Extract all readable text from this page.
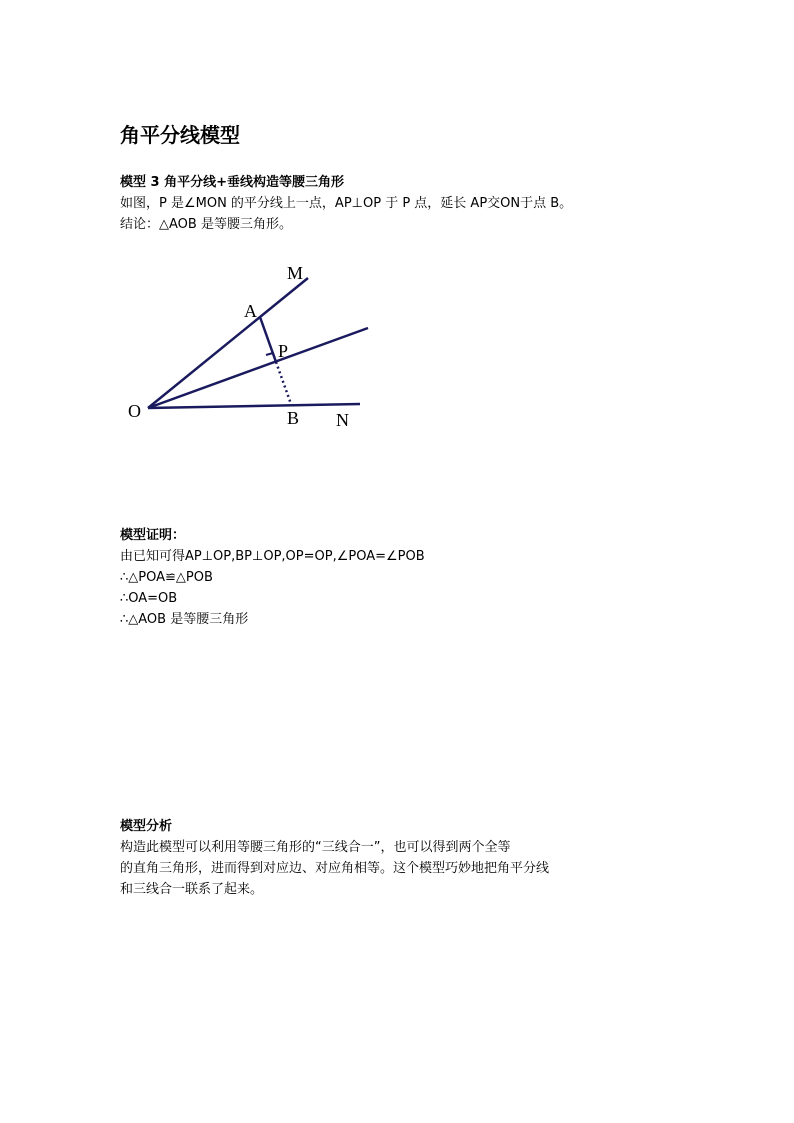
角平分线模型
模型 3 角平分线+垂线构造等腰三角形
如图，P 是∠MON 的平分线上一点，AP⊥OP 于 P 点，延长 AP交ON于点 B。
结论：△AOB 是等腰三角形。
M
A
P
O	B N
模型证明：
由已知可得AP⊥OP,BP⊥OP,OP=OP,∠POA=∠POB
∴△POA≌△POB
∴OA=OB
∴△AOB 是等腰三角形
模型分析
构造此模型可以利用等腰三角形的“三线合一”，也可以得到两个全等
的直角三角形，进而得到对应边、对应角相等。这个模型巧妙地把角平分线
和三线合一联系了起来。
